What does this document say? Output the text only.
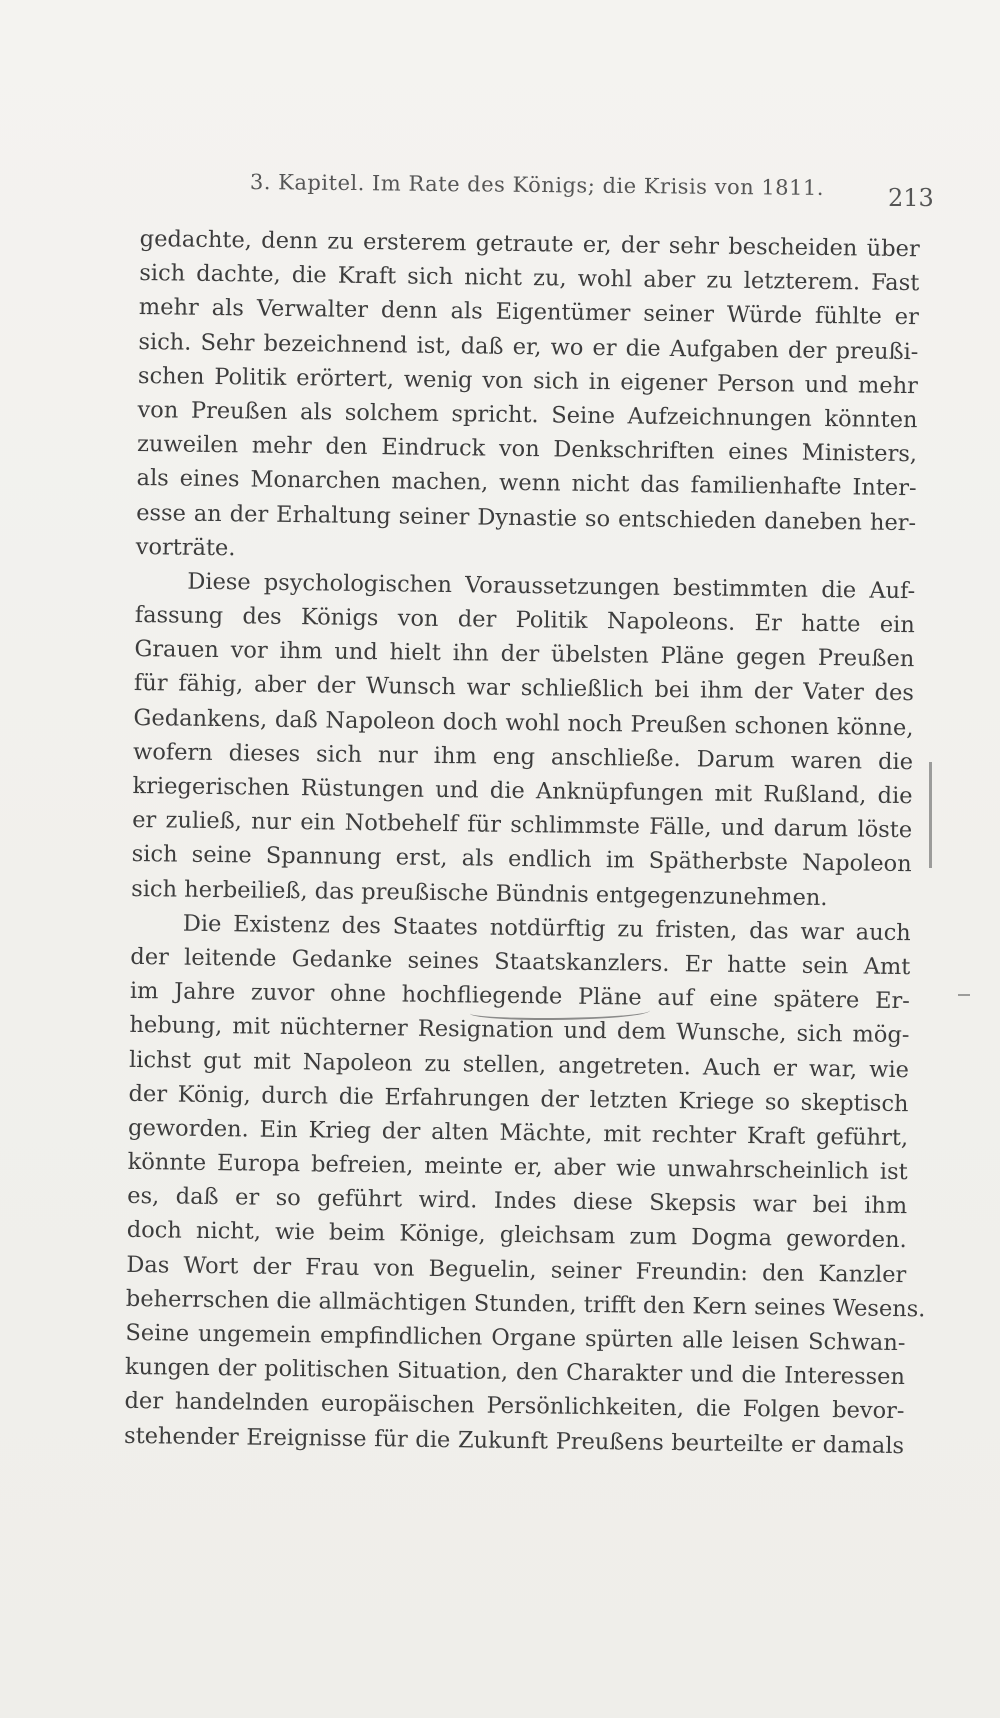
3. Kapitel. Im Rate des Königs; die Krisis von 1811.	213
gedachte, denn zu ersterem getraute er, der sehr bescheiden über
sich dachte, die Kraft sich nicht zu, wohl aber zu letzterem. Fast
mehr als Verwalter denn als Eigentümer seiner Würde fühlte er
sich. Sehr bezeichnend ist, daß er, wo er die Aufgaben der preußi-
schen Politik erörtert, wenig von sich in eigener Person und mehr
von Preußen als solchem spricht. Seine Aufzeichnungen könnten
zuweilen mehr den Eindruck von Denkschriften eines Ministers,
als eines Monarchen machen, wenn nicht das familienhafte Inter-
esse an der Erhaltung seiner Dynastie so entschieden daneben her-
vorträte.
Diese psychologischen Voraussetzungen bestimmten die Auf-
fassung des Königs von der Politik Napoleons. Er hatte ein
Grauen vor ihm und hielt ihn der übelsten Pläne gegen Preußen
für fähig, aber der Wunsch war schließlich bei ihm der Vater des
Gedankens, daß Napoleon doch wohl noch Preußen schonen könne,
wofern dieses sich nur ihm eng anschließe. Darum waren die
kriegerischen Rüstungen und die Anknüpfungen mit Rußland, die
er zuließ, nur ein Notbehelf für schlimmste Fälle, und darum löste
sich seine Spannung erst, als endlich im Spätherbste Napoleon
sich herbeiließ, das preußische Bündnis entgegenzunehmen.
Die Existenz des Staates notdürftig zu fristen, das war auch
der leitende Gedanke seines Staatskanzlers. Er hatte sein Amt
im Jahre zuvor ohne hochfliegende Pläne auf eine spätere Er-
hebung, mit nüchterner Resignation und dem Wunsche, sich mög-
lichst gut mit Napoleon zu stellen, angetreten. Auch er war, wie
der König, durch die Erfahrungen der letzten Kriege so skeptisch
geworden. Ein Krieg der alten Mächte, mit rechter Kraft geführt,
könnte Europa befreien, meinte er, aber wie unwahrscheinlich ist
es, daß er so geführt wird. Indes diese Skepsis war bei ihm
doch nicht, wie beim Könige, gleichsam zum Dogma geworden.
Das Wort der Frau von Beguelin, seiner Freundin: den Kanzler
beherrschen die allmächtigen Stunden, trifft den Kern seines Wesens.
Seine ungemein empfindlichen Organe spürten alle leisen Schwan-
kungen der politischen Situation, den Charakter und die Interessen
der handelnden europäischen Persönlichkeiten, die Folgen bevor-
stehender Ereignisse für die Zukunft Preußens beurteilte er damals
